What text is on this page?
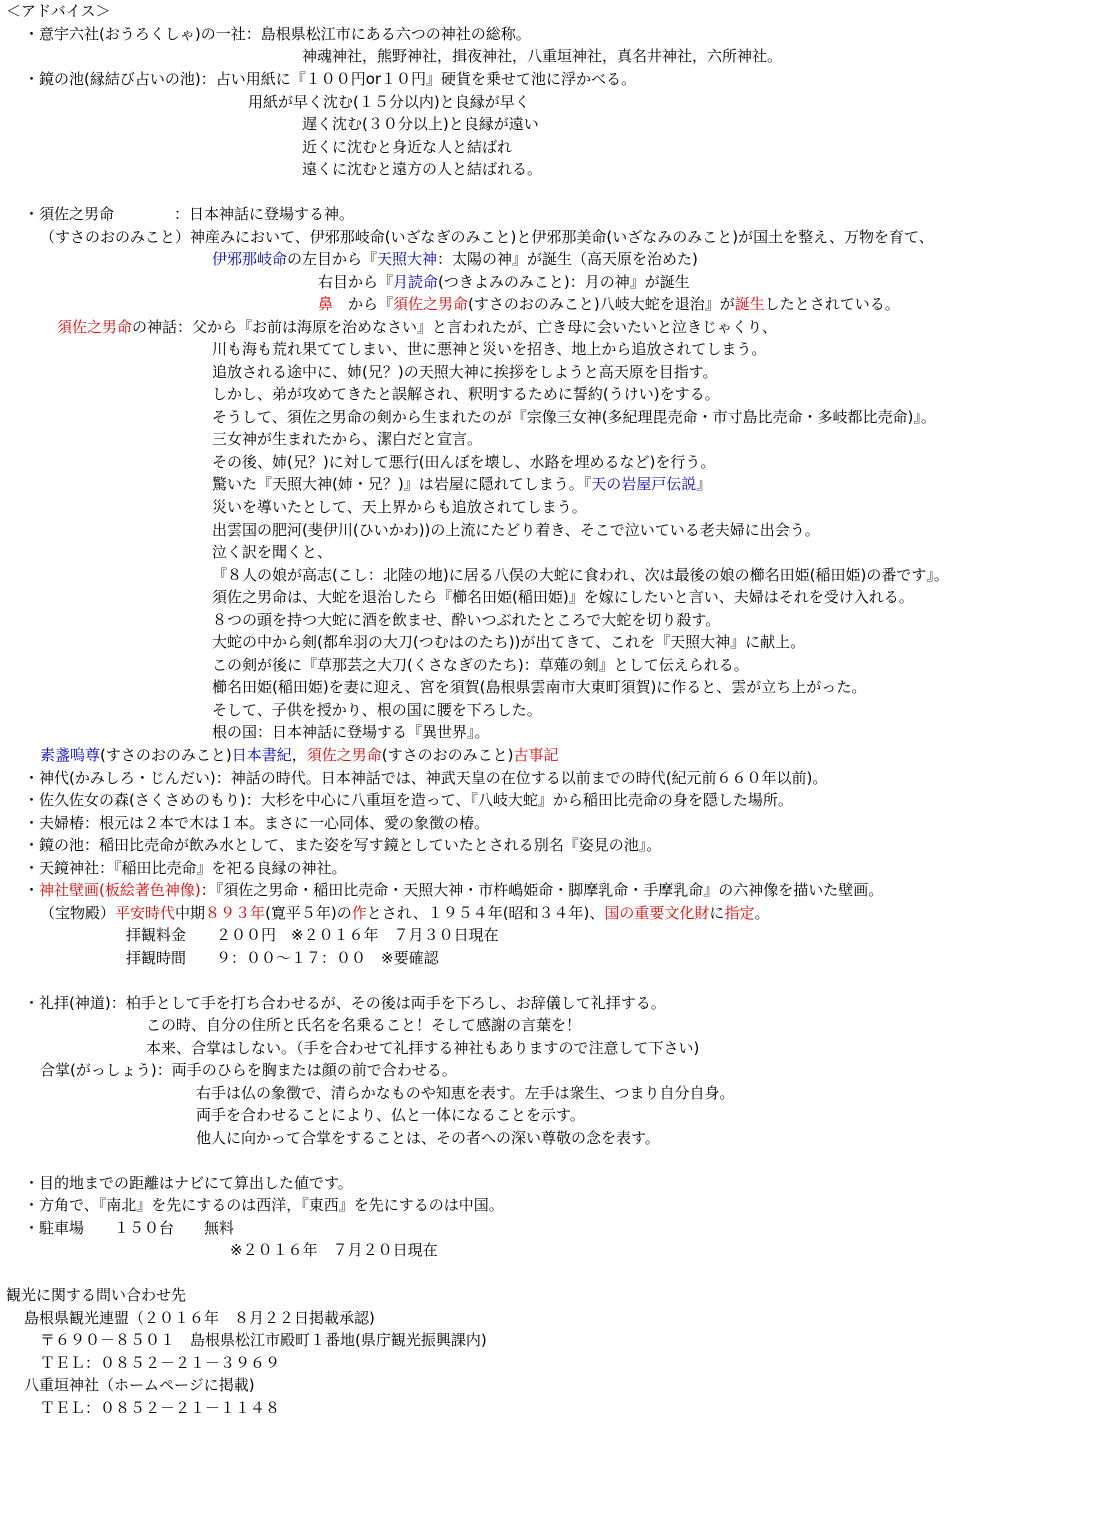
＜アドバイス＞
・意宇六社(おうろくしゃ)の一社：島根県松江市にある六つの神社の総称。
神魂神社，熊野神社，揖夜神社，八重垣神社，真名井神社，六所神社。
・鏡の池(縁結び占いの池)：占い用紙に『１００円or１０円』硬貨を乗せて池に浮かべる。
用紙が早く沈む(１５分以内)と良縁が早く
遅く沈む(３０分以上)と良縁が遠い
近くに沈むと身近な人と結ばれ
遠くに沈むと遠方の人と結ばれる。
・須佐之男命　　　　：日本神話に登場する神。
（すさのおのみこと）神産みにおいて、伊邪那岐命(いざなぎのみこと)と伊邪那美命(いざなみのみこと)が国土を整え、万物を育て、
伊邪那岐命の左目から『天照大神：太陽の神』が誕生（高天原を治めた)
右目から『月読命(つきよみのみこと)：月の神』が誕生
鼻　から『須佐之男命(すさのおのみこと)八岐大蛇を退治』が誕生したとされている。
須佐之男命の神話：父から『お前は海原を治めなさい』と言われたが、亡き母に会いたいと泣きじゃくり、
川も海も荒れ果ててしまい、世に悪神と災いを招き、地上から追放されてしまう。
追放される途中に、姉(兄？)の天照大神に挨拶をしようと高天原を目指す。
しかし、弟が攻めてきたと誤解され、釈明するために誓約(うけい)をする。
そうして、須佐之男命の剣から生まれたのが『宗像三女神(多紀理毘売命・市寸島比売命・多岐都比売命)』。
三女神が生まれたから、潔白だと宣言。
その後、姉(兄？)に対して悪行(田んぼを壊し、水路を埋めるなど)を行う。
驚いた『天照大神(姉・兄？)』は岩屋に隠れてしまう。『天の岩屋戸伝説』
災いを導いたとして、天上界からも追放されてしまう。
出雲国の肥河(斐伊川(ひいかわ))の上流にたどり着き、そこで泣いている老夫婦に出会う。
泣く訳を聞くと、
『８人の娘が高志(こし：北陸の地)に居る八俣の大蛇に食われ、次は最後の娘の櫛名田姫(稲田姫)の番です』。
須佐之男命は、大蛇を退治したら『櫛名田姫(稲田姫)』を嫁にしたいと言い、夫婦はそれを受け入れる。
８つの頭を持つ大蛇に酒を飲ませ、酔いつぶれたところで大蛇を切り殺す。
大蛇の中から剣(都牟羽の大刀(つむはのたち))が出てきて、これを『天照大神』に献上。
この剣が後に『草那芸之大刀(くさなぎのたち)：草薙の剣』として伝えられる。
櫛名田姫(稲田姫)を妻に迎え、宮を須賀(島根県雲南市大東町須賀)に作ると、雲が立ち上がった。
そして、子供を授かり、根の国に腰を下ろした。
根の国：日本神話に登場する『異世界』。
素盞嗚尊(すさのおのみこと)日本書紀，須佐之男命(すさのおのみこと)古事記
・神代(かみしろ・じんだい)：神話の時代。日本神話では、神武天皇の在位する以前までの時代(紀元前６６０年以前)。
・佐久佐女の森(さくさめのもり)：大杉を中心に八重垣を造って、『八岐大蛇』から稲田比売命の身を隠した場所。
・夫婦椿：根元は２本で木は１本。まさに一心同体、愛の象徴の椿。
・鏡の池：稲田比売命が飲み水として、また姿を写す鏡としていたとされる別名『姿見の池』。
・天鏡神社：『稲田比売命』を祀る良縁の神社。
・神社壁画(板絵著色神像)：『須佐之男命・稲田比売命・天照大神・市杵嶋姫命・脚摩乳命・手摩乳命』の六神像を描いた壁画。
（宝物殿）平安時代中期８９３年(寛平５年)の作とされ、１９５４年(昭和３４年)、国の重要文化財に指定。
拝観料金　　２００円　※２０１６年　７月３０日現在
拝観時間　　９：００～１７：００　※要確認
・礼拝(神道)：柏手として手を打ち合わせるが、その後は両手を下ろし、お辞儀して礼拝する。
この時、自分の住所と氏名を名乗ること！そして感謝の言葉を！
本来、合掌はしない。（手を合わせて礼拝する神社もありますので注意して下さい)
合掌(がっしょう)：両手のひらを胸または顔の前で合わせる。
右手は仏の象徴で、清らかなものや知恵を表す。左手は衆生、つまり自分自身。
両手を合わせることにより、仏と一体になることを示す。
他人に向かって合掌をすることは、その者への深い尊敬の念を表す。
・目的地までの距離はナビにて算出した値です。
・方角で、『南北』を先にするのは西洋，『東西』を先にするのは中国。
・駐車場　　１５０台　　無料
※２０１６年　７月２０日現在
観光に関する問い合わせ先
島根県観光連盟（２０１６年　８月２２日掲載承認)
〒６９０－８５０１　島根県松江市殿町１番地(県庁観光振興課内)
ＴＥＬ：０８５２－２１－３９６９
八重垣神社（ホームページに掲載)
ＴＥＬ：０８５２－２１－１１４８
